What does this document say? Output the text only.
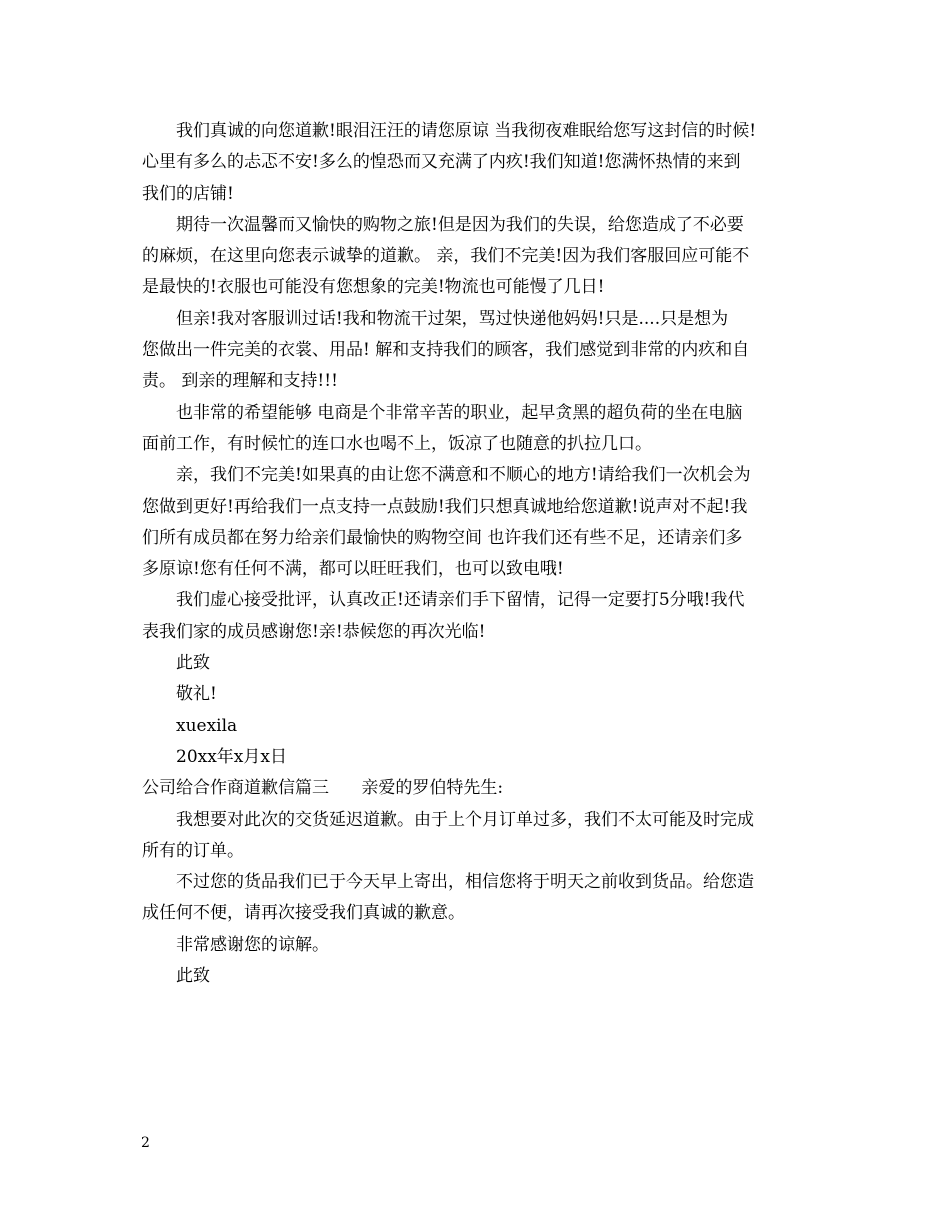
我们真诚的向您道歉!眼泪汪汪的请您原谅 当我彻夜难眠给您写这封信的时候!
心里有多么的忐忑不安!多么的惶恐而又充满了内疚!我们知道!您满怀热情的来到
我们的店铺!
期待一次温馨而又愉快的购物之旅!但是因为我们的失误，给您造成了不必要
的麻烦，在这里向您表示诚挚的道歉。 亲，我们不完美!因为我们客服回应可能不
是最快的!衣服也可能没有您想象的完美!物流也可能慢了几日!
但亲!我对客服训过话!我和物流干过架，骂过快递他妈妈!只是....只是想为
您做出一件完美的衣裳、用品! 解和支持我们的顾客，我们感觉到非常的内疚和自
责。 到亲的理解和支持!!!
也非常的希望能够 电商是个非常辛苦的职业，起早贪黑的超负荷的坐在电脑
面前工作，有时候忙的连口水也喝不上，饭凉了也随意的扒拉几口。
亲，我们不完美!如果真的由让您不满意和不顺心的地方!请给我们一次机会为
您做到更好!再给我们一点支持一点鼓励!我们只想真诚地给您道歉!说声对不起!我
们所有成员都在努力给亲们最愉快的购物空间 也许我们还有些不足，还请亲们多
多原谅!您有任何不满，都可以旺旺我们，也可以致电哦!
我们虚心接受批评，认真改正!还请亲们手下留情，记得一定要打5分哦!我代
表我们家的成员感谢您!亲!恭候您的再次光临!
此致
敬礼!
xuexila
20xx年x月x日
公司给合作商道歉信篇三      亲爱的罗伯特先生:
我想要对此次的交货延迟道歉。由于上个月订单过多，我们不太可能及时完成
所有的订单。
不过您的货品我们已于今天早上寄出，相信您将于明天之前收到货品。给您造
成任何不便，请再次接受我们真诚的歉意。
非常感谢您的谅解。
此致
2
